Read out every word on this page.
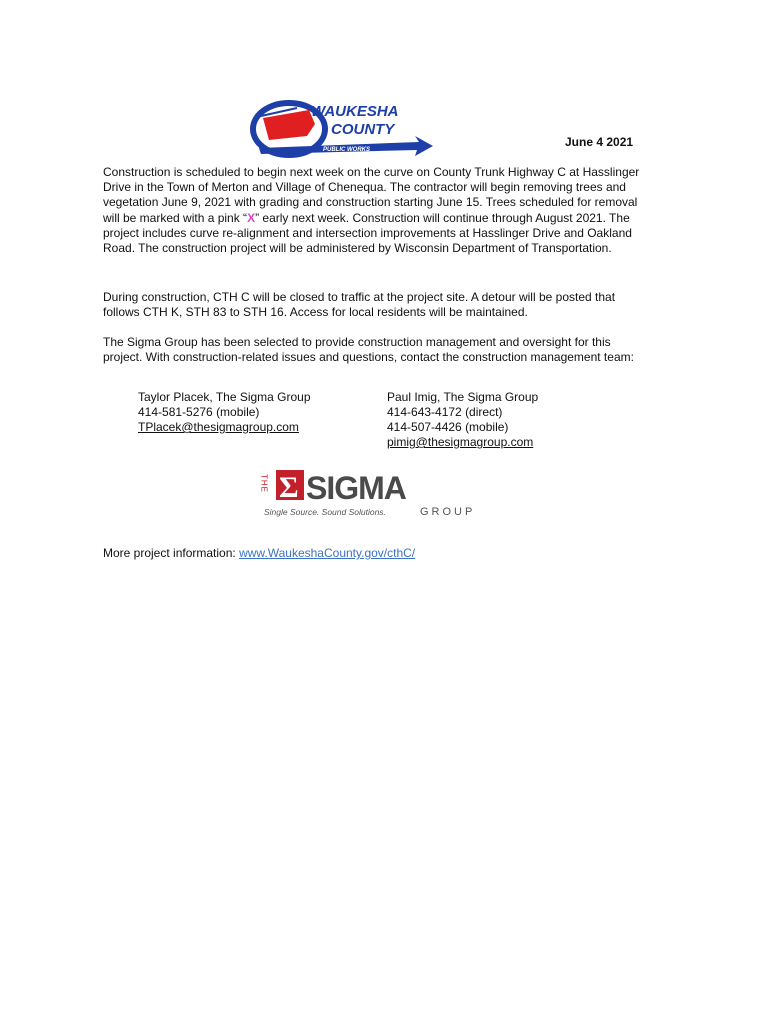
WAUKESHA
COUNTY
PUBLIC WORKS
June 4 2021

Construction is scheduled to begin next week on the curve on County Trunk Highway C at Hasslinger Drive in the Town of Merton and Village of Chenequa. The contractor will begin removing trees and vegetation June 9, 2021 with grading and construction starting June 15. Trees scheduled for removal will be marked with a pink “X” early next week. Construction will continue through August 2021. The project includes curve re-alignment and intersection improvements at Hasslinger Drive and Oakland Road. The construction project will be administered by Wisconsin Department of Transportation.

During construction, CTH C will be closed to traffic at the project site. A detour will be posted that follows CTH K, STH 83 to STH 16. Access for local residents will be maintained.

The Sigma Group has been selected to provide construction management and oversight for this project. With construction-related issues and questions, contact the construction management team:

Taylor Placek, The Sigma Group
414-581-5276 (mobile)
TPlacek@thesigmagroup.com
Paul Imig, The Sigma Group
414-643-4172 (direct)
414-507-4426 (mobile)
pimig@thesigmagroup.com
THE Σ SIGMA
Single Source. Sound Solutions.	GROUP
More project information: www.WaukeshaCounty.gov/cthC/
